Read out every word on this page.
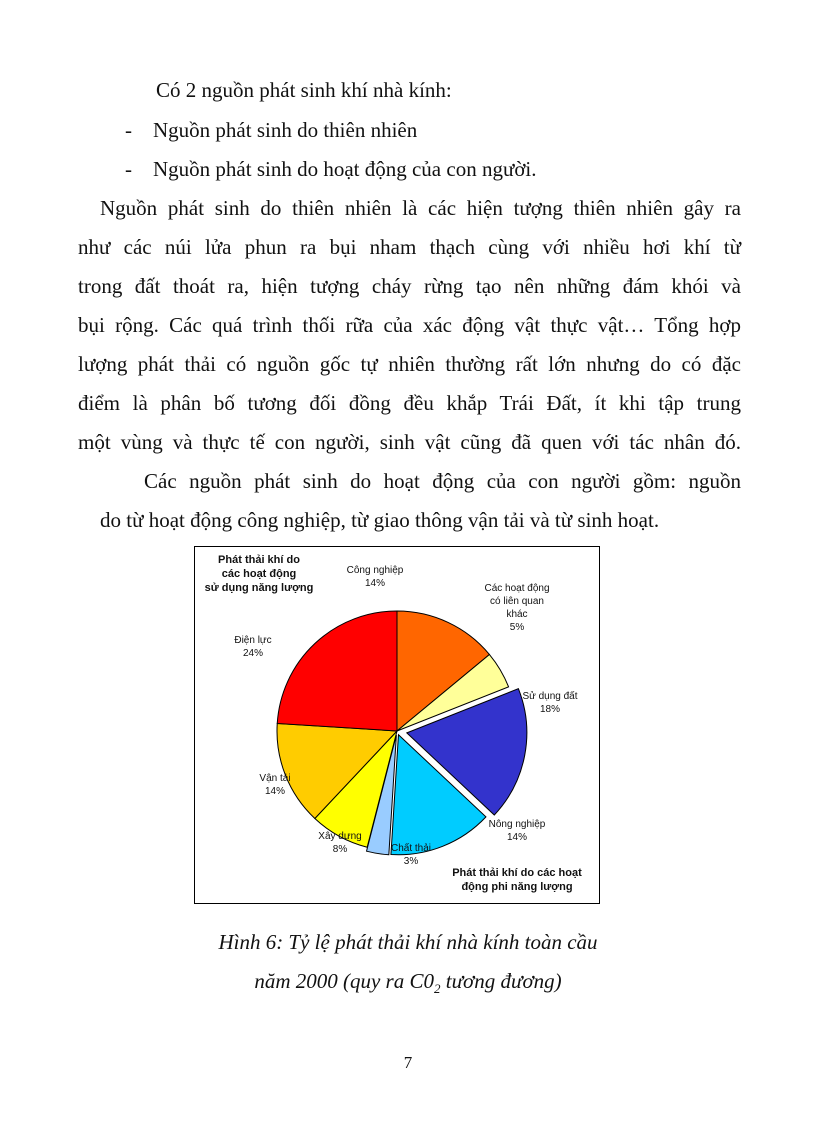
Có 2 nguồn phát sinh khí nhà kính:
- Nguồn phát sinh do thiên nhiên
- Nguồn phát sinh do hoạt động của con người.
Nguồn phát sinh do thiên nhiên là các hiện tượng thiên nhiên gây ra
như các núi lửa phun ra bụi nham thạch cùng với nhiều hơi khí từ
trong đất thoát ra, hiện tượng cháy rừng tạo nên những đám khói và
bụi rộng. Các quá trình thối rữa của xác động vật thực vật… Tổng hợp
lượng phát thải có nguồn gốc tự nhiên thường rất lớn nhưng do có đặc
điểm là phân bố tương đối đồng đều khắp Trái Đất, ít khi tập trung
một vùng và thực tế con người, sinh vật cũng đã quen với tác nhân đó.
Các nguồn phát sinh do hoạt động của con người gồm: nguồn
do từ hoạt động công nghiệp, từ giao thông vận tải và từ sinh hoạt.
Công nghiệp 14%	Các hoạt động có liên quan khác 5%
Sử dụng đất 18%
Nông nghiệp 14%
Chất thải 3%
Xây dựng 8%
Vận tải 14%
Điện lực 24%
Phát thải khí do các hoạt động sử dụng năng lượng
Phát thải khí do các hoạt động phi năng lượng
Hình 6: Tỷ lệ phát thải khí nhà kính toàn cầu
năm 2000 (quy ra $C0_2$ tương đương)
7
